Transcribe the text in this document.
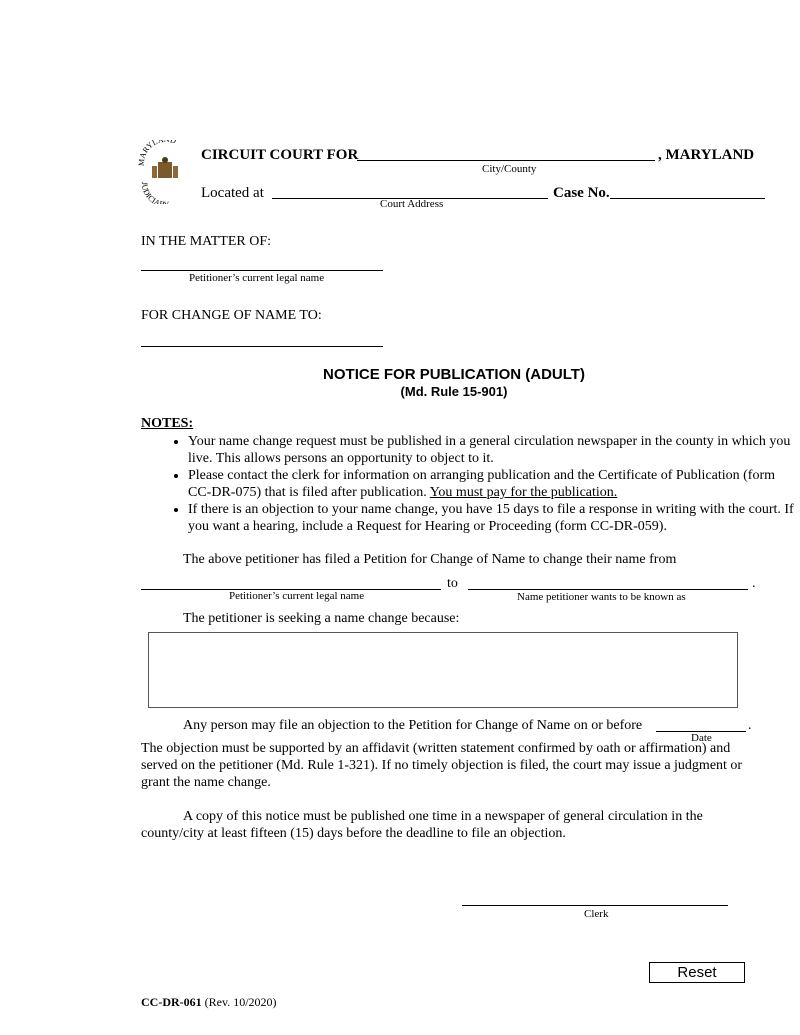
ARYLA D
JUDICIA
CIRCUIT COURT FOR	, MARYLAND
City/County
Located at
Court Address
Case No.
IN THE MATTER OF:
Petitioner’s current legal name
FOR CHANGE OF NAME TO:
NOTICE FOR PUBLICATION (ADULT)
(Md. Rule 15-901)
NOTES:
• Your name change request must be published in a general circulation newspaper in the county in which you live. This allows persons an opportunity to object to it.
• Please contact the clerk for information on arranging publication and the Certificate of Publication (form CC-DR-075) that is filed after publication. You must pay for the publication.
• If there is an objection to your name change, you have 15 days to file a response in writing with the court. If you want a hearing, include a Request for Hearing or Proceeding (form CC-DR-059).
The above petitioner has filed a Petition for Change of Name to change their name from
to	.
Petitioner’s current legal name	Name petitioner wants to be known as
The petitioner is seeking a name change because:
Any person may file an objection to the Petition for Change of Name on or before	.
Date
The objection must be supported by an affidavit (written statement confirmed by oath or affirmation) and served on the petitioner (Md. Rule 1-321). If no timely objection is filed, the court may issue a judgment or grant the name change.
A copy of this notice must be published one time in a newspaper of general circulation in the county/city at least fifteen (15) days before the deadline to file an objection.
Clerk
Reset
CC-DR-061 (Rev. 10/2020)
